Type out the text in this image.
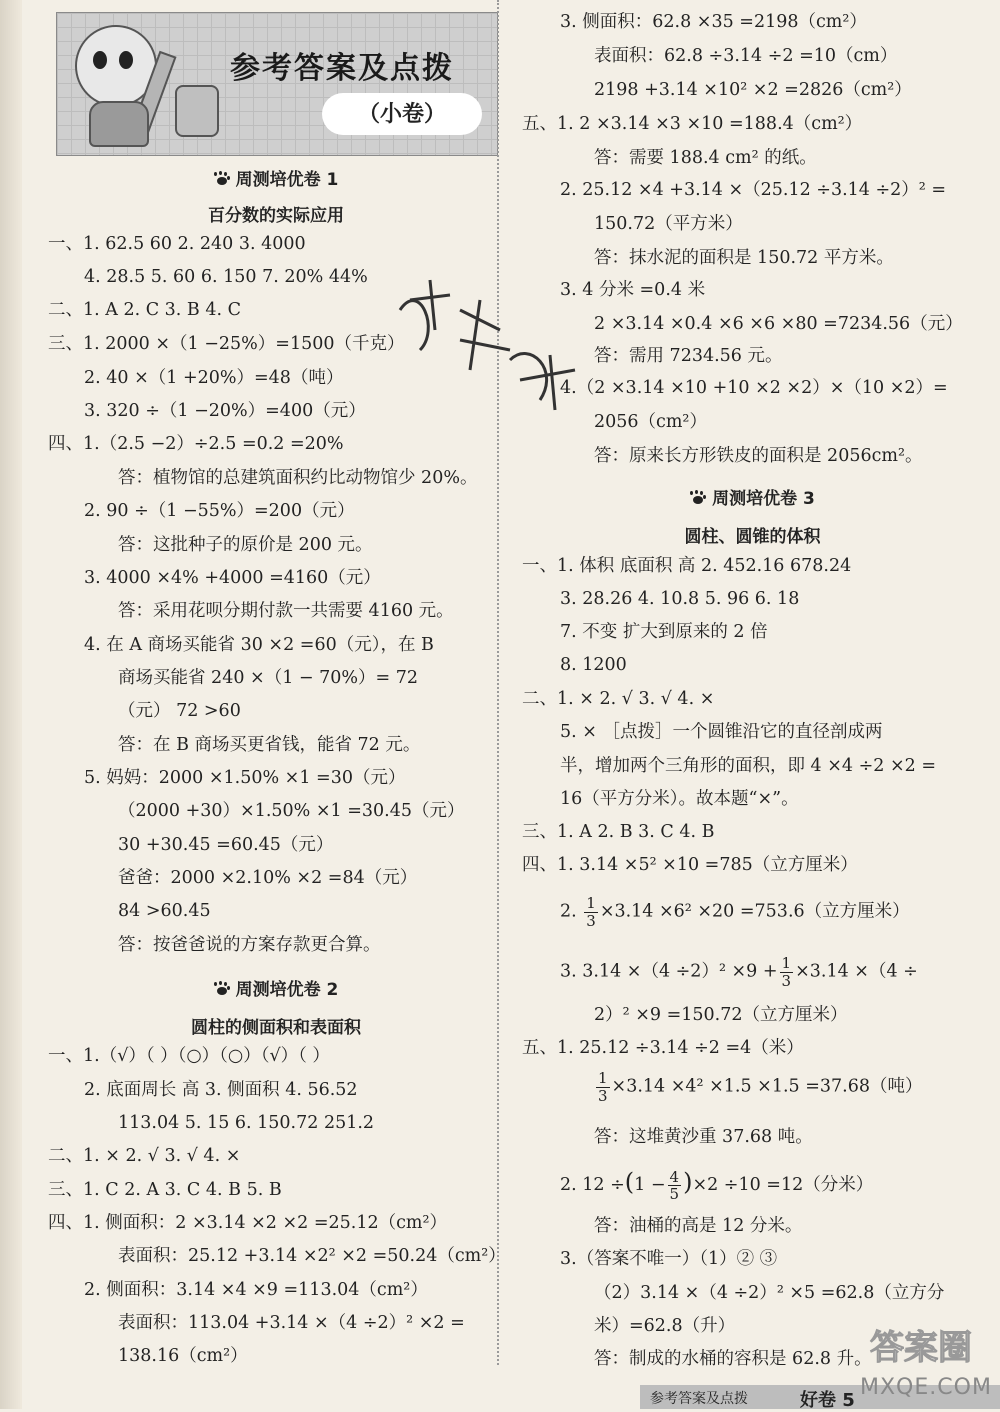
参考答案及点拨
（小卷）
周测培优卷 1
百分数的实际应用
一、1. 62.5 60 2. 240 3. 4000
4. 28.5 5. 60 6. 150 7. 20% 44%
二、1. A 2. C 3. B 4. C
三、1. 2000 ×（1 −25%）=1500（千克）
2. 40 ×（1 +20%）=48（吨）
3. 320 ÷（1 −20%）=400（元）
四、1.（2.5 −2）÷2.5 =0.2 =20%
答：植物馆的总建筑面积约比动物馆少 20%。
2. 90 ÷（1 −55%）=200（元）
答：这批种子的原价是 200 元。
3. 4000 ×4% +4000 =4160（元）
答：采用花呗分期付款一共需要 4160 元。
4. 在 A 商场买能省 30 ×2 =60（元），在 B
商场买能省 240 ×（1 − 70%）= 72
（元） 72 >60
答：在 B 商场买更省钱，能省 72 元。
5. 妈妈：2000 ×1.50% ×1 =30（元）
（2000 +30）×1.50% ×1 =30.45（元）
30 +30.45 =60.45（元）
爸爸：2000 ×2.10% ×2 =84（元）
84 >60.45
答：按爸爸说的方案存款更合算。
周测培优卷 2
圆柱的侧面积和表面积
一、1.（√）（ ）（○）（○）（√）（ ）
2. 底面周长 高 3. 侧面积 4. 56.52
113.04 5. 15 6. 150.72 251.2
二、1. × 2. √ 3. √ 4. ×
三、1. C 2. A 3. C 4. B 5. B
四、1. 侧面积：2 ×3.14 ×2 ×2 =25.12（cm²）
表面积：25.12 +3.14 ×2² ×2 =50.24（cm²）
2. 侧面积：3.14 ×4 ×9 =113.04（cm²）
表面积：113.04 +3.14 ×（4 ÷2）² ×2 =
138.16（cm²）
3. 侧面积：62.8 ×35 =2198（cm²）
表面积：62.8 ÷3.14 ÷2 =10（cm）
2198 +3.14 ×10² ×2 =2826（cm²）
五、1. 2 ×3.14 ×3 ×10 =188.4（cm²）
答：需要 188.4 cm² 的纸。
2. 25.12 ×4 +3.14 ×（25.12 ÷3.14 ÷2）² =
150.72（平方米）
答：抹水泥的面积是 150.72 平方米。
3. 4 分米 =0.4 米
2 ×3.14 ×0.4 ×6 ×6 ×80 =7234.56（元）
答：需用 7234.56 元。
4.（2 ×3.14 ×10 +10 ×2 ×2）×（10 ×2）=
2056（cm²）
答：原来长方形铁皮的面积是 2056cm²。
周测培优卷 3
圆柱、圆锥的体积
一、1. 体积 底面积 高 2. 452.16 678.24
3. 28.26 4. 10.8 5. 96 6. 18
7. 不变 扩大到原来的 2 倍
8. 1200
二、1. × 2. √ 3. √ 4. ×
5. × ［点拨］一个圆锥沿它的直径剖成两
半，增加两个三角形的面积，即 4 ×4 ÷2 ×2 =
16（平方分米）。故本题“×”。
三、1. A 2. B 3. C 4. B
四、1. 3.14 ×5² ×10 =785（立方厘米）
2. $\frac{1}{3} \times 3.14 \times 6^2 \times 20 =753.6$（立方厘米）
3. $3.14 \times(4 \div 2)^2 \times 9 + \frac{1}{3} \times 3.14 \times(4$ ÷
2）² ×9 =150.72（立方厘米）
五、1. 25.12 ÷3.14 ÷2 =4（米）
$\frac{1}{3} \times 3.14 \times 4^2 \times 1.5 \times 1.5 =37.68$（吨）
答：这堆黄沙重 37.68 吨。
2. $12 \div(1 - \frac{4}{5} )\times 2 \div 10 =12$（分米）
答：油桶的高是 12 分米。
3.（答案不唯一）（1）② ③
（2）3.14 ×（4 ÷2）² ×5 =62.8（立方分
米）=62.8（升）
答：制成的水桶的容积是 62.8 升。
参考答案及点拨	好卷 5
答案圈
MXQE.COM
